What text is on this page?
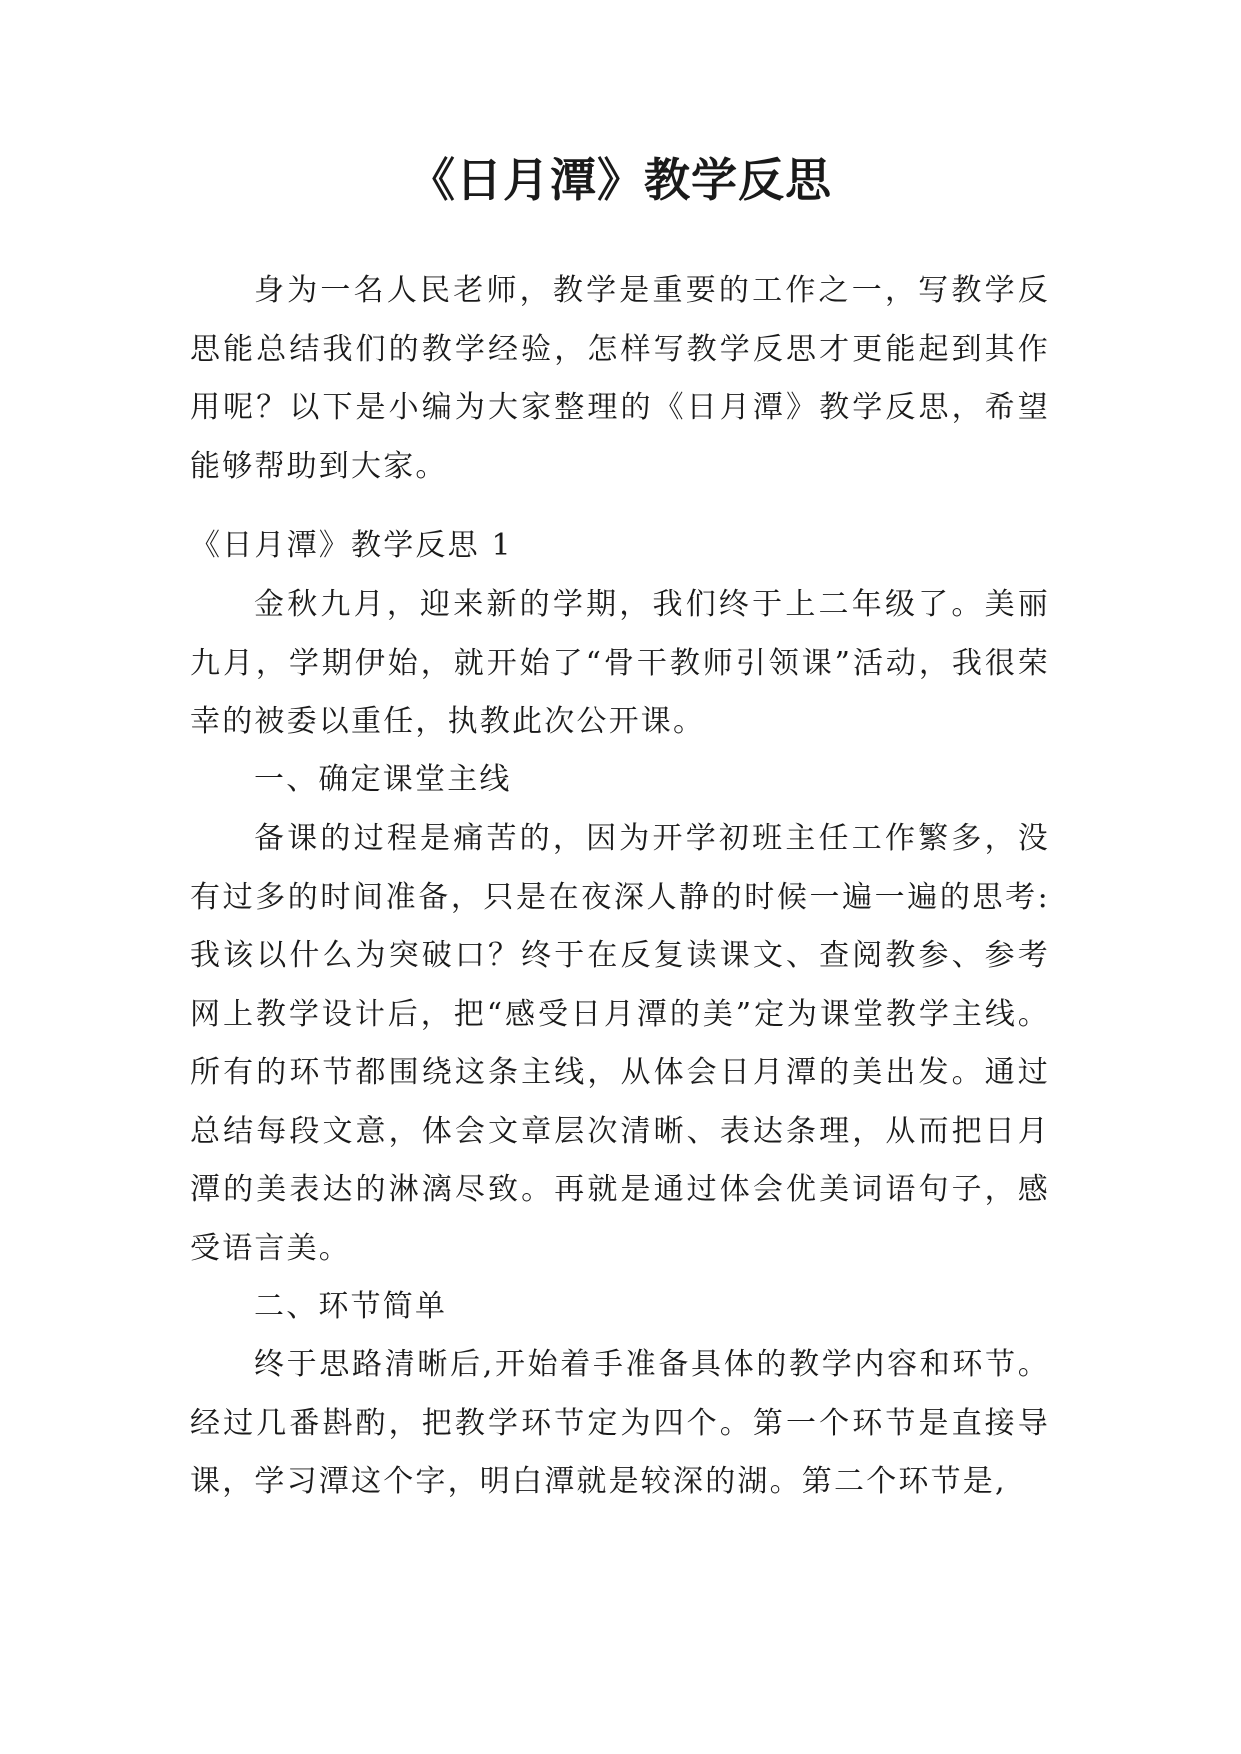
《日月潭》教学反思

身为一名人民老师，教学是重要的工作之一，写教学反思能总结我们的教学经验，怎样写教学反思才更能起到其作用呢？以下是小编为大家整理的《日月潭》教学反思，希望能够帮助到大家。

《日月潭》教学反思 1

金秋九月，迎来新的学期，我们终于上二年级了。美丽九月，学期伊始，就开始了“骨干教师引领课”活动，我很荣幸的被委以重任，执教此次公开课。

一、确定课堂主线

备课的过程是痛苦的，因为开学初班主任工作繁多，没有过多的时间准备，只是在夜深人静的时候一遍一遍的思考:我该以什么为突破口？终于在反复读课文、查阅教参、参考网上教学设计后，把“感受日月潭的美”定为课堂教学主线。所有的环节都围绕这条主线，从体会日月潭的美出发。通过总结每段文意，体会文章层次清晰、表达条理，从而把日月潭的美表达的淋漓尽致。再就是通过体会优美词语句子，感受语言美。

二、环节简单

终于思路清晰后,开始着手准备具体的教学内容和环节。经过几番斟酌，把教学环节定为四个。第一个环节是直接导课，学习潭这个字，明白潭就是较深的湖。第二个环节是,
